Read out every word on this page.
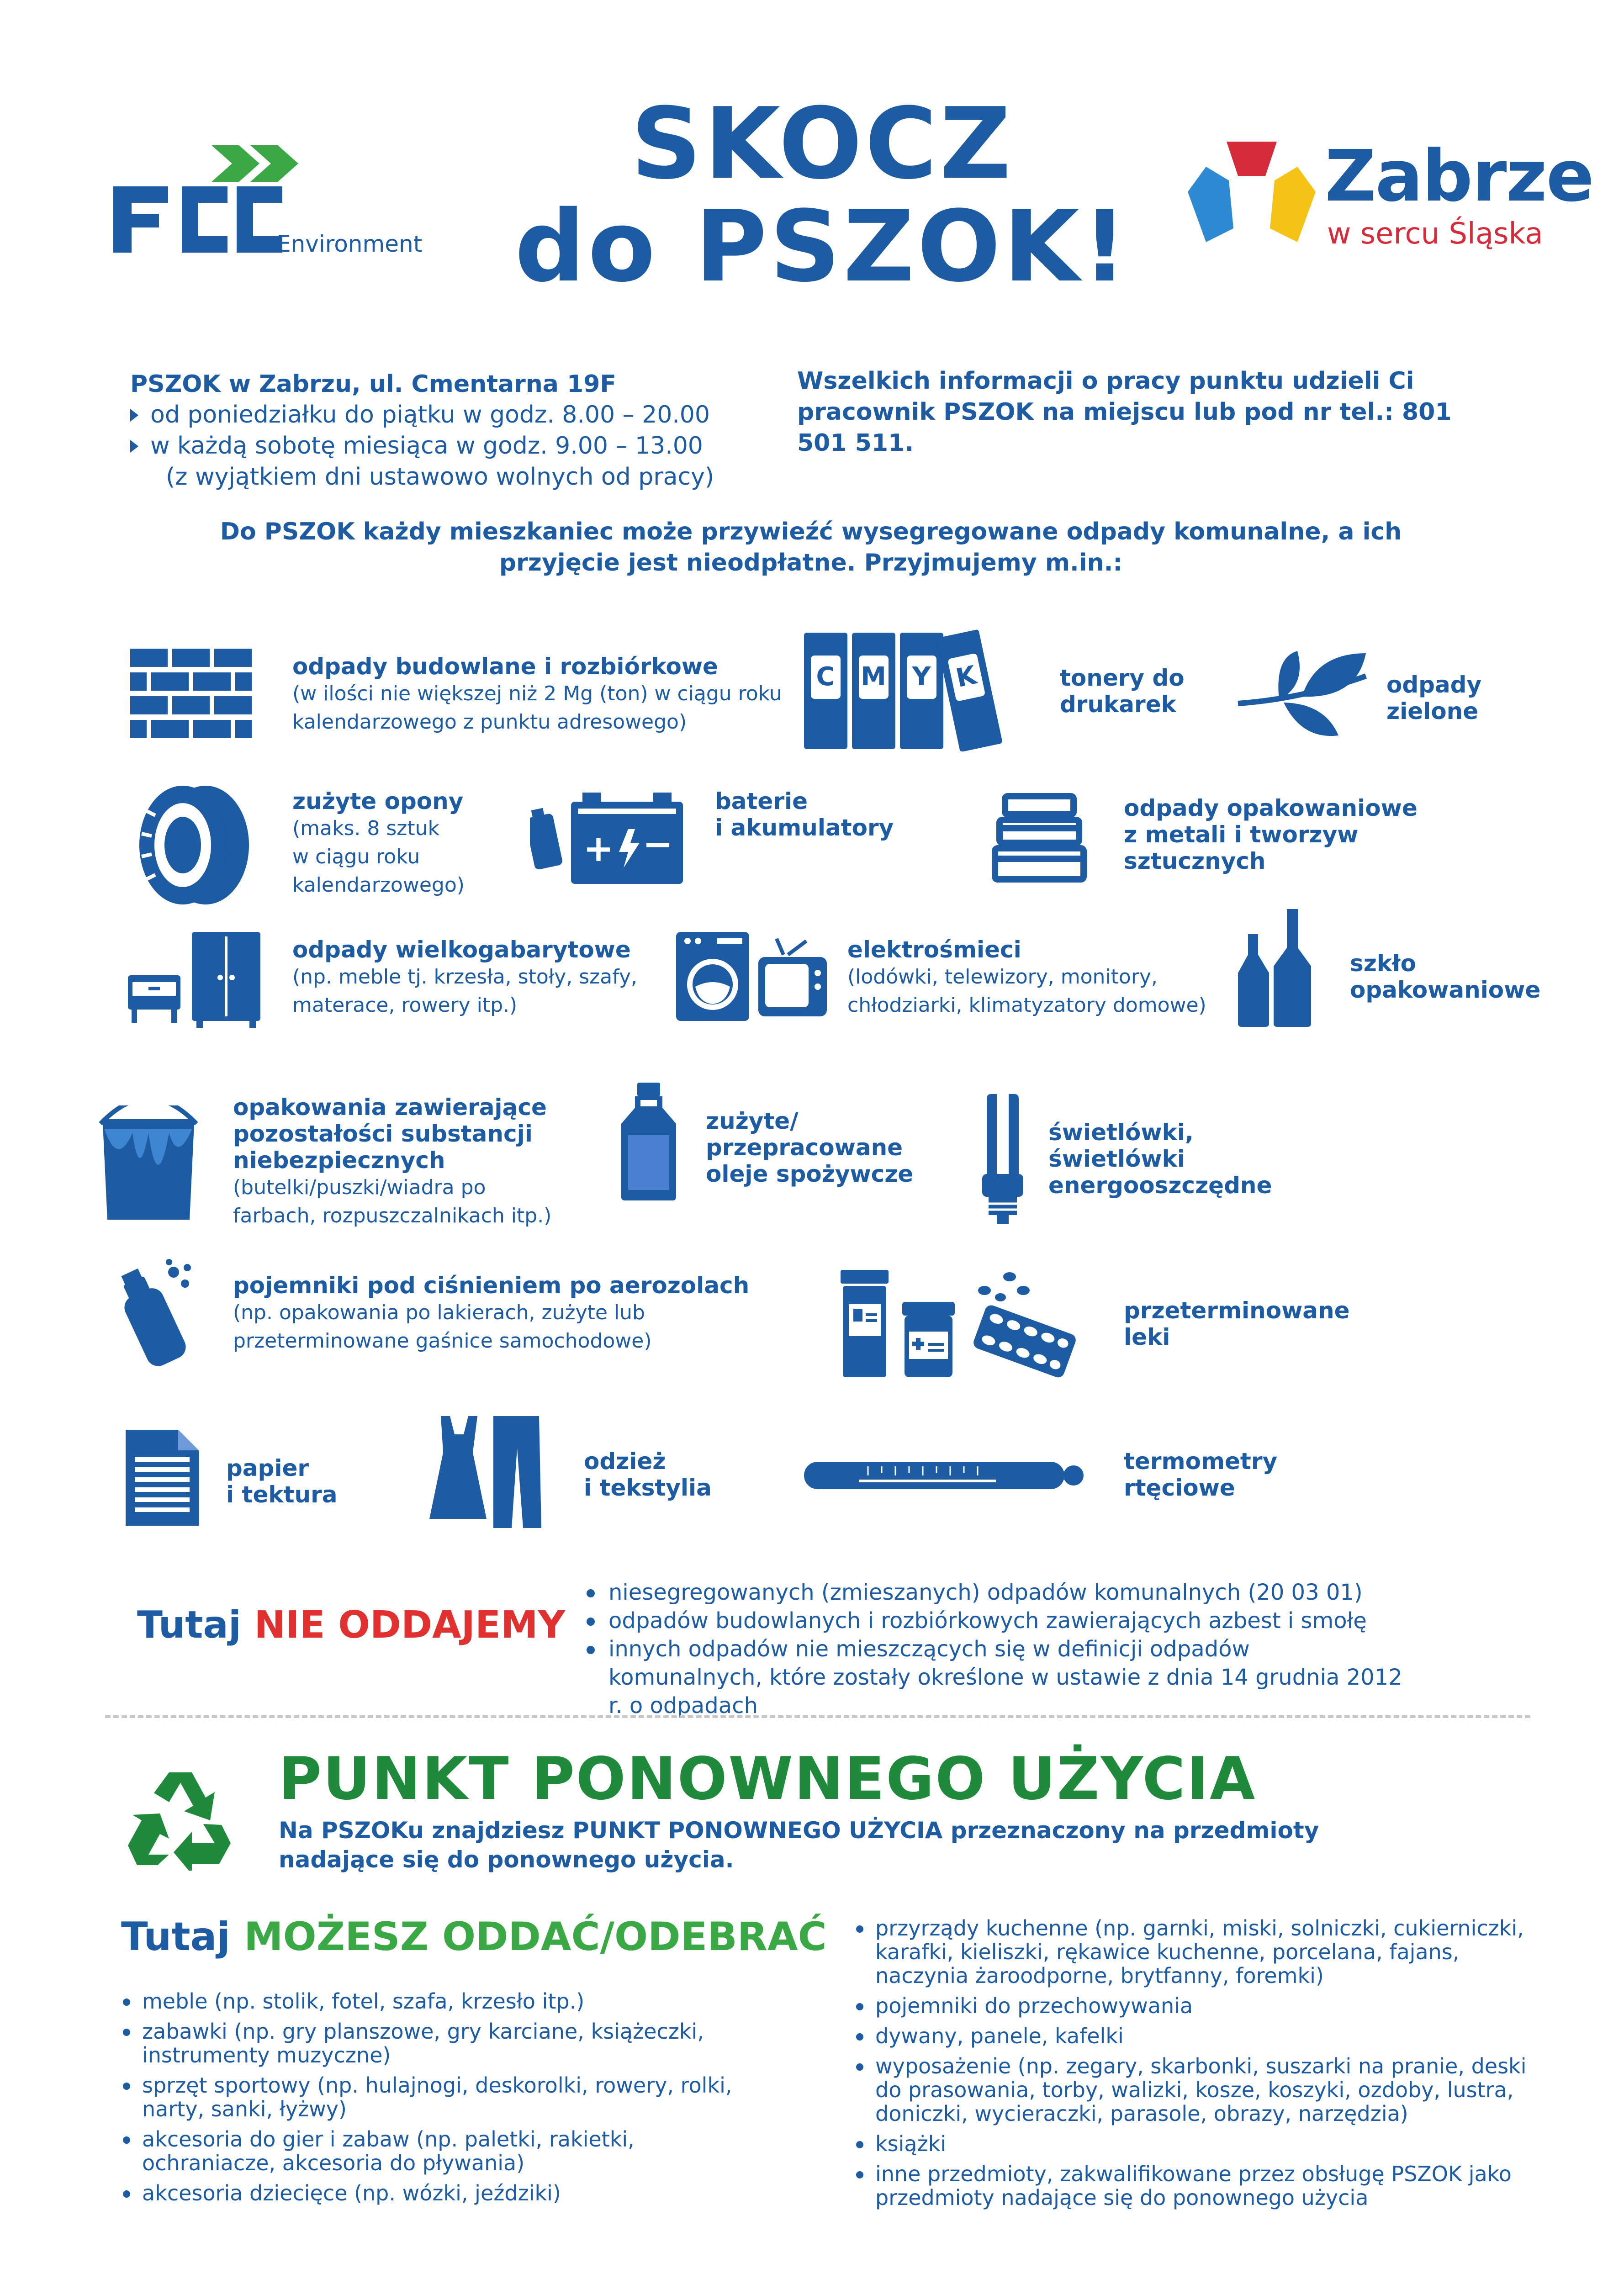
Environment
SKOCZ
do PSZOK!
Zabrze
w sercu Śląska
PSZOK w Zabrzu, ul. Cmentarna 19F
od poniedziałku do piątku w godz. 8.00 – 20.00
w każdą sobotę miesiąca w godz. 9.00 – 13.00
(z wyjątkiem dni ustawowo wolnych od pracy)
Wszelkich informacji o pracy punktu udzieli Ci pracownik PSZOK na miejscu lub pod nr tel.: 801 501 511.
Do PSZOK każdy mieszkaniec może przywieźć wysegregowane odpady komunalne, a ich przyjęcie jest nieodpłatne. Przyjmujemy m.in.:
odpady budowlane i rozbiórkowe
(w ilości nie większej niż 2 Mg (ton) w ciągu roku
kalendarzowego z punktu adresowego)
C M Y K	tonery do
drukarek
odpady
zielone
zużyte opony
(maks. 8 sztuk
w ciągu roku
kalendarzowego)
+ −
baterie
i akumulatory
odpady opakowaniowe
z metali i tworzyw
sztucznych
odpady wielkogabarytowe
(np. meble tj. krzesła, stoły, szafy,
materace, rowery itp.)
elektrośmieci
(lodówki, telewizory, monitory,
chłodziarki, klimatyzatory domowe)
szkło
opakowaniowe
opakowania zawierające
pozostałości substancji
niebezpiecznych
(butelki/puszki/wiadra po
farbach, rozpuszczalnikach itp.)
zużyte/
przepracowane
oleje spożywcze
świetlówki,
świetlówki
energooszczędne
pojemniki pod ciśnieniem po aerozolach
(np. opakowania po lakierach, zużyte lub
przeterminowane gaśnice samochodowe)
przeterminowane
leki
papier
i tektura
odzież
i tekstylia
termometry
rtęciowe
Tutaj NIE ODDAJEMY
niesegregowanych (zmieszanych) odpadów komunalnych (20 03 01)
odpadów budowlanych i rozbiórkowych zawierających azbest i smołę
innych odpadów nie mieszczących się w definicji odpadów komunalnych, które zostały określone w ustawie z dnia 14 grudnia 2012 r. o odpadach
PUNKT PONOWNEGO UŻYCIA
Na PSZOKu znajdziesz PUNKT PONOWNEGO UŻYCIA przeznaczony na przedmioty nadające się do ponownego użycia.
Tutaj MOŻESZ ODDAĆ/ODEBRAĆ
meble (np. stolik, fotel, szafa, krzesło itp.)
zabawki (np. gry planszowe, gry karciane, książeczki, instrumenty muzyczne)
sprzęt sportowy (np. hulajnogi, deskorolki, rowery, rolki, narty, sanki, łyżwy)
akcesoria do gier i zabaw (np. paletki, rakietki, ochraniacze, akcesoria do pływania)
akcesoria dziecięce (np. wózki, jeździki)
przyrządy kuchenne (np. garnki, miski, solniczki, cukierniczki, karafki, kieliszki, rękawice kuchenne, porcelana, fajans, naczynia żaroodporne, brytfanny, foremki)
pojemniki do przechowywania
dywany, panele, kafelki
wyposażenie (np. zegary, skarbonki, suszarki na pranie, deski do prasowania, torby, walizki, kosze, koszyki, ozdoby, lustra, doniczki, wycieraczki, parasole, obrazy, narzędzia)
książki
inne przedmioty, zakwalifikowane przez obsługę PSZOK jako przedmioty nadające się do ponownego użycia
